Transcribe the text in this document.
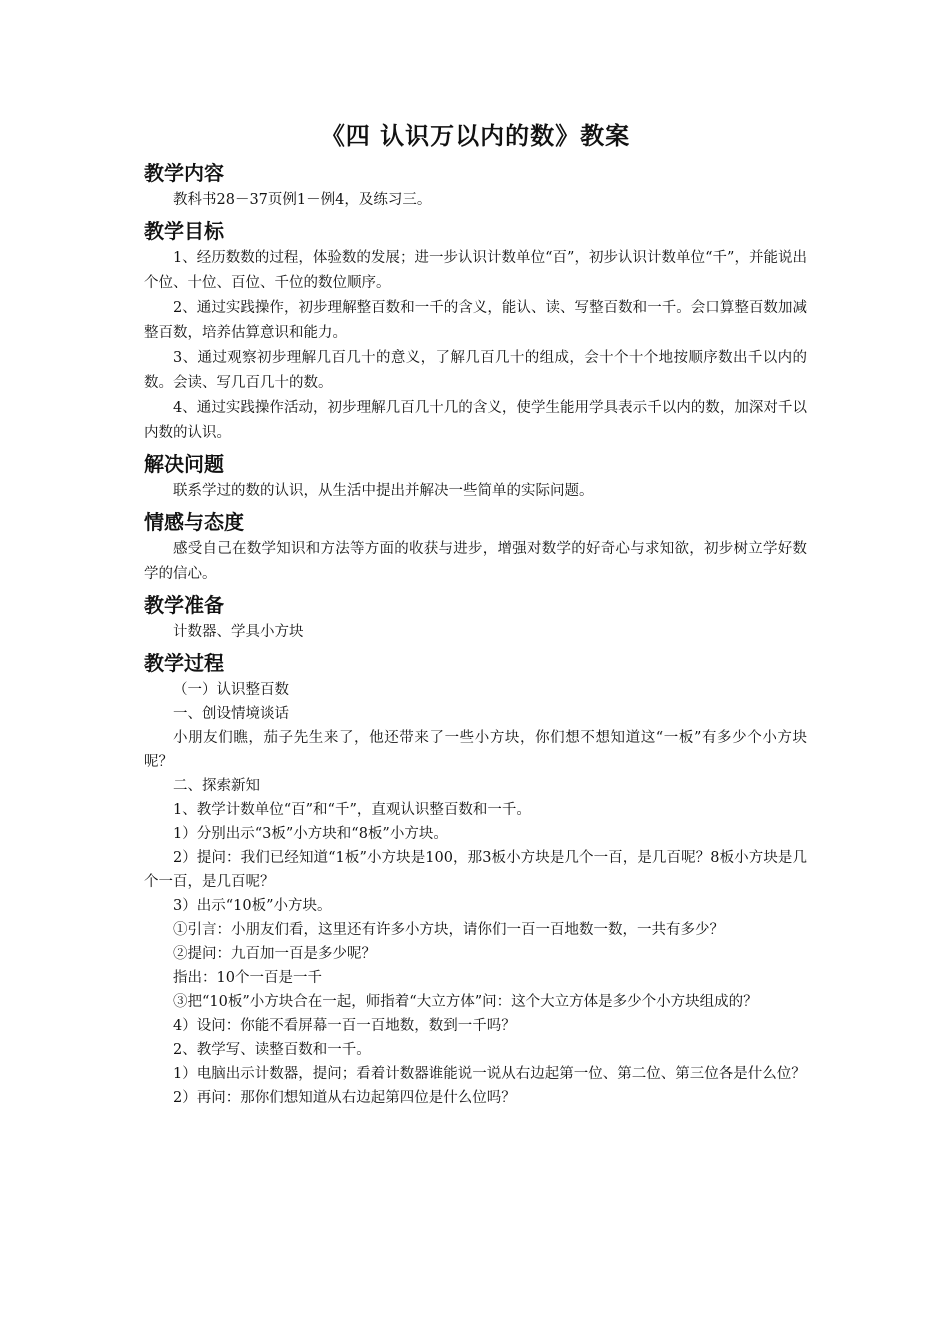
《四 认识万以内的数》教案
教学内容

教科书28－37页例1－例4，及练习三。

教学目标

1、经历数数的过程，体验数的发展；进一步认识计数单位“百”，初步认识计数单位“千”，并能说出个位、十位、百位、千位的数位顺序。

2、通过实践操作，初步理解整百数和一千的含义，能认、读、写整百数和一千。会口算整百数加减整百数，培养估算意识和能力。

3、通过观察初步理解几百几十的意义，了解几百几十的组成，会十个十个地按顺序数出千以内的数。会读、写几百几十的数。

4、通过实践操作活动，初步理解几百几十几的含义，使学生能用学具表示千以内的数，加深对千以内数的认识。

解决问题

联系学过的数的认识，从生活中提出并解决一些简单的实际问题。

情感与态度

感受自己在数学知识和方法等方面的收获与进步，增强对数学的好奇心与求知欲，初步树立学好数学的信心。

教学准备

计数器、学具小方块

教学过程

（一）认识整百数

一、创设情境谈话

小朋友们瞧，茄子先生来了，他还带来了一些小方块，你们想不想知道这“一板”有多少个小方块呢？

二、探索新知

1、教学计数单位“百”和“千”，直观认识整百数和一千。

1）分别出示“3板”小方块和“8板”小方块。

2）提问：我们已经知道“1板”小方块是100，那3板小方块是几个一百，是几百呢？8板小方块是几个一百，是几百呢？

3）出示“10板”小方块。

①引言：小朋友们看，这里还有许多小方块，请你们一百一百地数一数，一共有多少？

②提问：九百加一百是多少呢？

指出：10个一百是一千

③把“10板”小方块合在一起，师指着“大立方体”问：这个大立方体是多少个小方块组成的？

4）设问：你能不看屏幕一百一百地数，数到一千吗？

2、教学写、读整百数和一千。

1）电脑出示计数器，提问；看着计数器谁能说一说从右边起第一位、第二位、第三位各是什么位？

2）再问：那你们想知道从右边起第四位是什么位吗？
